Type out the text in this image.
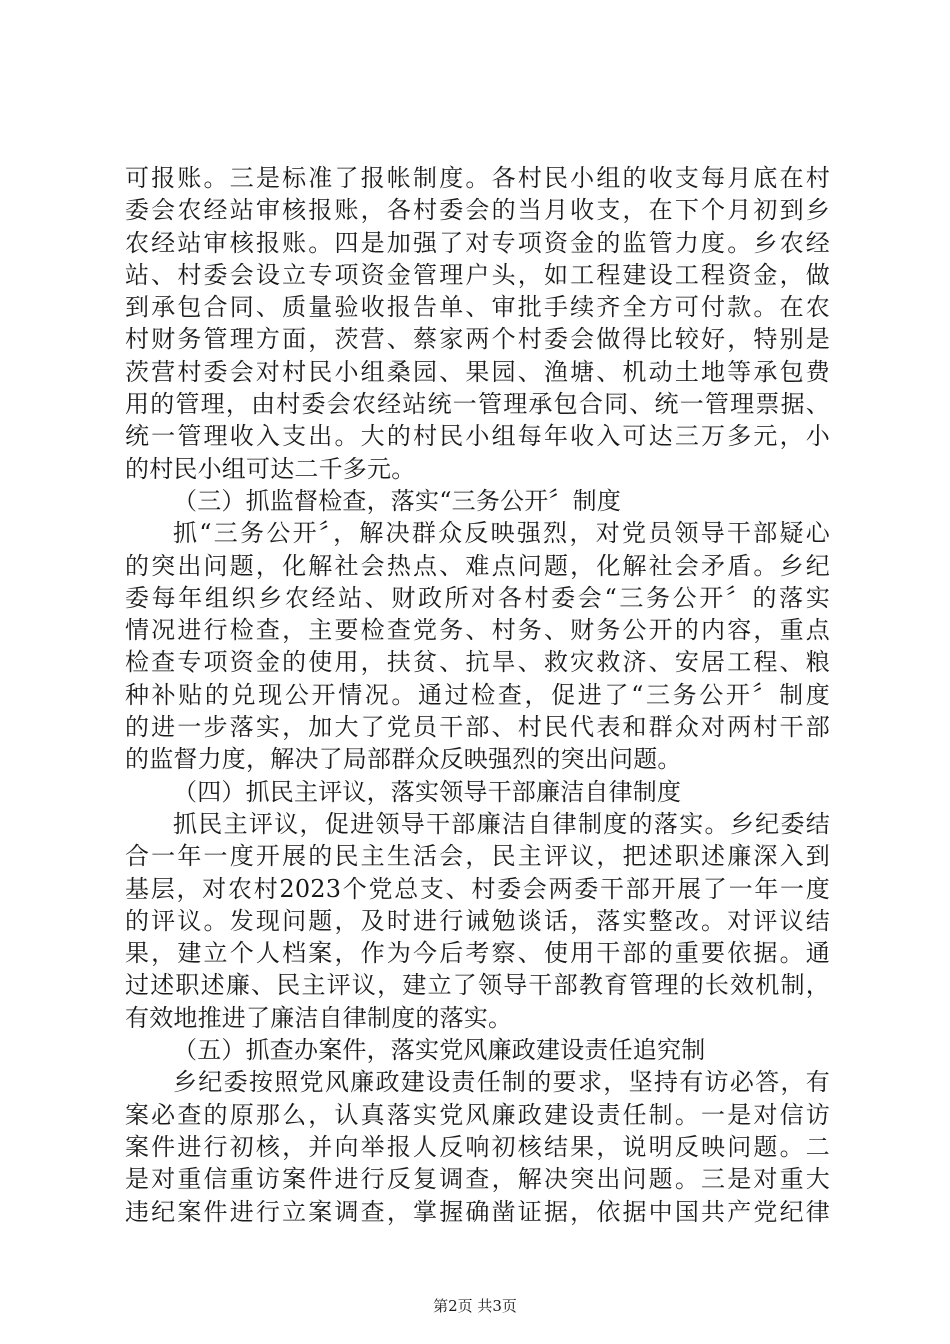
可报账。三是标准了报帐制度。各村民小组的收支每月底在村
委会农经站审核报账，各村委会的当月收支，在下个月初到乡
农经站审核报账。四是加强了对专项资金的监管力度。乡农经
站、村委会设立专项资金管理户头，如工程建设工程资金，做
到承包合同、质量验收报告单、审批手续齐全方可付款。在农
村财务管理方面，茨营、蔡家两个村委会做得比较好，特别是
茨营村委会对村民小组桑园、果园、渔塘、机动土地等承包费
用的管理，由村委会农经站统一管理承包合同、统一管理票据、
统一管理收入支出。大的村民小组每年收入可达三万多元，小
的村民小组可达二千多元。
（三）抓监督检查，落实“三务公开〞制度
抓“三务公开〞，解决群众反映强烈，对党员领导干部疑心
的突出问题，化解社会热点、难点问题，化解社会矛盾。乡纪
委每年组织乡农经站、财政所对各村委会“三务公开〞的落实
情况进行检查，主要检查党务、村务、财务公开的内容，重点
检查专项资金的使用，扶贫、抗旱、救灾救济、安居工程、粮
种补贴的兑现公开情况。通过检查，促进了“三务公开〞制度
的进一步落实，加大了党员干部、村民代表和群众对两村干部
的监督力度，解决了局部群众反映强烈的突出问题。
（四）抓民主评议，落实领导干部廉洁自律制度
抓民主评议，促进领导干部廉洁自律制度的落实。乡纪委结
合一年一度开展的民主生活会，民主评议，把述职述廉深入到
基层，对农村2023个党总支、村委会两委干部开展了一年一度
的评议。发现问题，及时进行诫勉谈话，落实整改。对评议结
果，建立个人档案，作为今后考察、使用干部的重要依据。通
过述职述廉、民主评议，建立了领导干部教育管理的长效机制，
有效地推进了廉洁自律制度的落实。
（五）抓查办案件，落实党风廉政建设责任追究制
乡纪委按照党风廉政建设责任制的要求，坚持有访必答，有
案必查的原那么，认真落实党风廉政建设责任制。一是对信访
案件进行初核，并向举报人反响初核结果，说明反映问题。二
是对重信重访案件进行反复调查，解决突出问题。三是对重大
违纪案件进行立案调查，掌握确凿证据，依据中国共产党纪律
第2页 共3页
